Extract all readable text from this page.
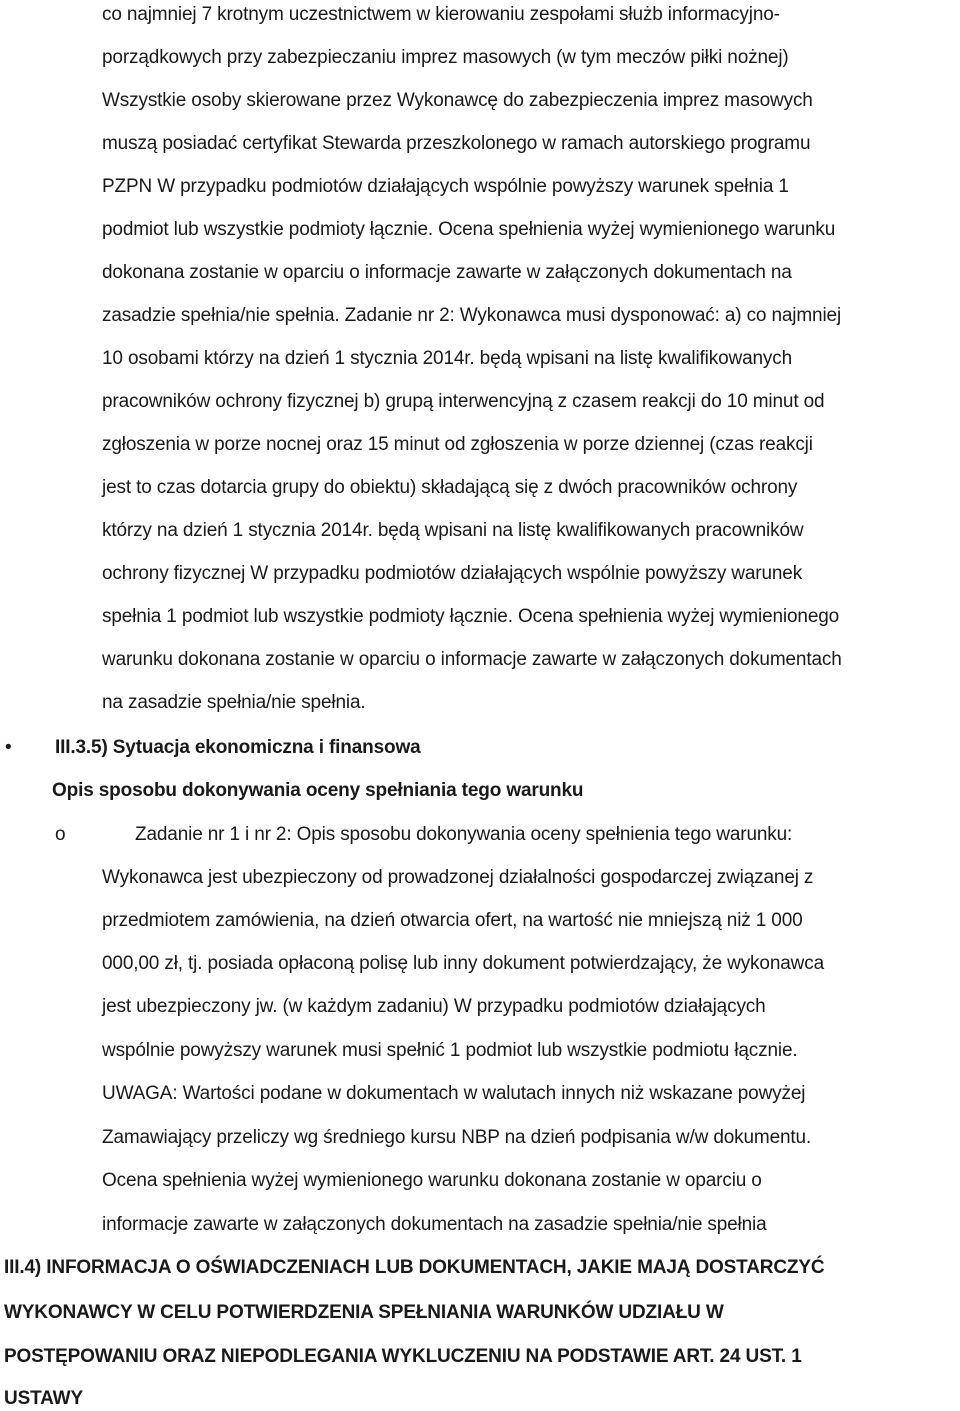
co najmniej 7 krotnym uczestnictwem w kierowaniu zespołami służb informacyjno-
porządkowych przy zabezpieczaniu imprez masowych (w tym meczów piłki nożnej)
Wszystkie osoby skierowane przez Wykonawcę do zabezpieczenia imprez masowych
muszą posiadać certyfikat Stewarda przeszkolonego w ramach autorskiego programu
PZPN W przypadku podmiotów działających wspólnie powyższy warunek spełnia 1
podmiot lub wszystkie podmioty łącznie. Ocena spełnienia wyżej wymienionego warunku
dokonana zostanie w oparciu o informacje zawarte w załączonych dokumentach na
zasadzie spełnia/nie spełnia. Zadanie nr 2: Wykonawca musi dysponować: a) co najmniej
10 osobami którzy na dzień 1 stycznia 2014r. będą wpisani na listę kwalifikowanych
pracowników ochrony fizycznej b) grupą interwencyjną z czasem reakcji do 10 minut od
zgłoszenia w porze nocnej oraz 15 minut od zgłoszenia w porze dziennej (czas reakcji
jest to czas dotarcia grupy do obiektu) składającą się z dwóch pracowników ochrony
którzy na dzień 1 stycznia 2014r. będą wpisani na listę kwalifikowanych pracowników
ochrony fizycznej W przypadku podmiotów działających wspólnie powyższy warunek
spełnia 1 podmiot lub wszystkie podmioty łącznie. Ocena spełnienia wyżej wymienionego
warunku dokonana zostanie w oparciu o informacje zawarte w załączonych dokumentach
na zasadzie spełnia/nie spełnia.
• III.3.5) Sytuacja ekonomiczna i finansowa
Opis sposobu dokonywania oceny spełniania tego warunku
o	Zadanie nr 1 i nr 2: Opis sposobu dokonywania oceny spełnienia tego warunku:
Wykonawca jest ubezpieczony od prowadzonej działalności gospodarczej związanej z
przedmiotem zamówienia, na dzień otwarcia ofert, na wartość nie mniejszą niż 1 000
000,00 zł, tj. posiada opłaconą polisę lub inny dokument potwierdzający, że wykonawca
jest ubezpieczony jw. (w każdym zadaniu) W przypadku podmiotów działających
wspólnie powyższy warunek musi spełnić 1 podmiot lub wszystkie podmiotu łącznie.
UWAGA: Wartości podane w dokumentach w walutach innych niż wskazane powyżej
Zamawiający przeliczy wg średniego kursu NBP na dzień podpisania w/w dokumentu.
Ocena spełnienia wyżej wymienionego warunku dokonana zostanie w oparciu o
informacje zawarte w załączonych dokumentach na zasadzie spełnia/nie spełnia
III.4) INFORMACJA O OŚWIADCZENIACH LUB DOKUMENTACH, JAKIE MAJĄ DOSTARCZYĆ
WYKONAWCY W CELU POTWIERDZENIA SPEŁNIANIA WARUNKÓW UDZIAŁU W
POSTĘPOWANIU ORAZ NIEPODLEGANIA WYKLUCZENIU NA PODSTAWIE ART. 24 UST. 1
USTAWY
